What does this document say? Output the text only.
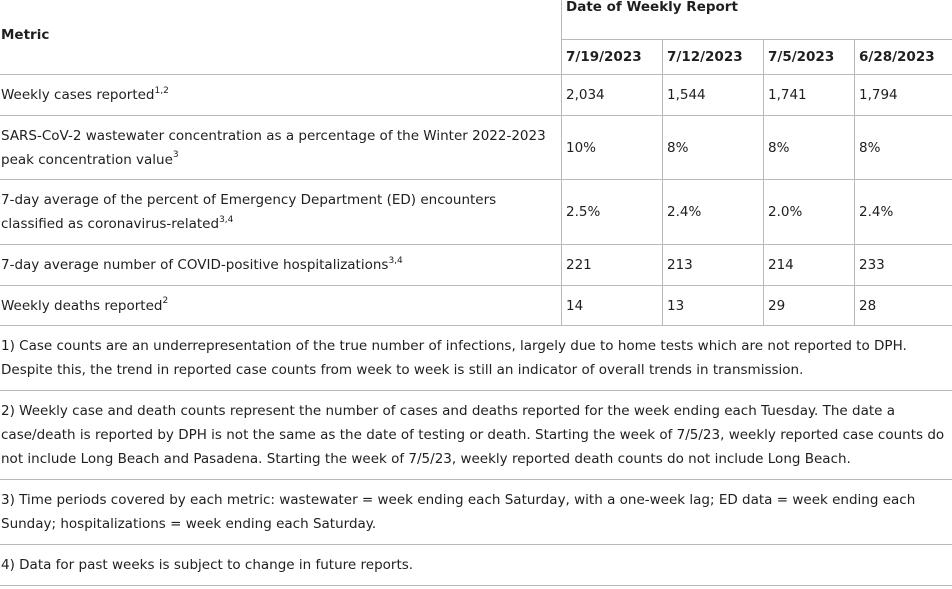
Metric	Date of Weekly Report			
	7/19/2023	7/12/2023	7/5/2023	6/28/2023
Weekly cases reported$^{1,2}$	2,034	1,544	1,741	1,794
SARS-CoV-2 wastewater concentration as a percentage of the Winter 2022-2023 peak concentration value$^3$	10%	8%	8%	8%
7-day average of the percent of Emergency Department (ED) encounters classified as coronavirus-related$^{3,4}$	2.5%	2.4%	2.0%	2.4%
7-day average number of COVID-positive hospitalizations$^{3,4}$	221	213	214	233
Weekly deaths reported$^2$	14	13	29	28
1) Case counts are an underrepresentation of the true number of infections, largely due to home tests which are not reported to DPH. Despite this, the trend in reported case counts from week to week is still an indicator of overall trends in transmission.				
2) Weekly case and death counts represent the number of cases and deaths reported for the week ending each Tuesday. The date a case/death is reported by DPH is not the same as the date of testing or death. Starting the week of 7/5/23, weekly reported case counts do not include Long Beach and Pasadena. Starting the week of 7/5/23, weekly reported death counts do not include Long Beach.				
3) Time periods covered by each metric: wastewater = week ending each Saturday, with a one-week lag; ED data = week ending each Sunday; hospitalizations = week ending each Saturday.				
4) Data for past weeks is subject to change in future reports.				
